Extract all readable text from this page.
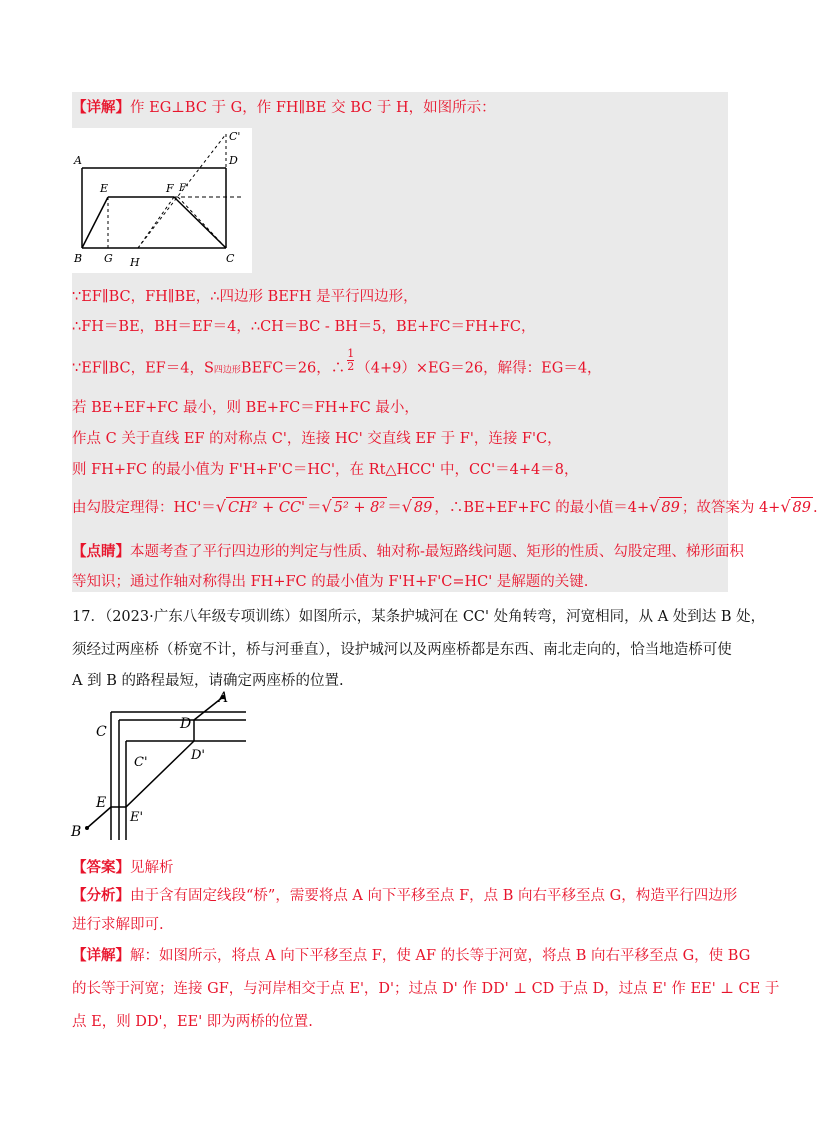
【详解】作 EG⊥BC 于 G，作 FH∥BE 交 BC 于 H，如图所示：
A
B	C
D
E	F F'
C'
G H
∵EF∥BC，FH∥BE，∴四边形 BEFH 是平行四边形，
∴FH＝BE，BH＝EF＝4，∴CH＝BC - BH＝5，BE+FC＝FH+FC，
∵EF∥BC，EF＝4，S四边形BEFC＝26，∴ $\frac{1}{2} (4+9)\times EG=26$，解得：EG＝4，
若 BE+EF+FC 最小，则 BE+FC＝FH+FC 最小，
作点 C 关于直线 EF 的对称点 C'，连接 HC' 交直线 EF 于 F'，连接 F'C，
则 FH+FC 的最小值为 F'H+F'C＝HC'，在 Rt△HCC' 中，CC'＝4+4＝8，
由勾股定理得：HC'＝√ CH² + CC' ＝√ 5² + 8² ＝√ 89 ，∴BE+EF+FC 的最小值＝4+√ 89 ；故答案为 4+√ 89 .
【点睛】本题考查了平行四边形的判定与性质、轴对称-最短路线问题、矩形的性质、勾股定理、梯形面积
等知识；通过作轴对称得出 FH+FC 的最小值为 F'H+F'C=HC' 是解题的关键.
17．（2023·广东八年级专项训练）如图所示，某条护城河在 CC' 处角转弯，河宽相同，从 A 处到达 B 处，
须经过两座桥（桥宽不计，桥与河垂直），设护城河以及两座桥都是东西、南北走向的，恰当地造桥可使
A 到 B 的路程最短，请确定两座桥的位置.
A
B
C
C'
D
D'
E
E'
【答案】见解析
【分析】由于含有固定线段“桥”，需要将点 A 向下平移至点 F，点 B 向右平移至点 G，构造平行四边形
进行求解即可.
【详解】解：如图所示，将点 A 向下平移至点 F，使 AF 的长等于河宽，将点 B 向右平移至点 G，使 BG
的长等于河宽；连接 GF，与河岸相交于点 E'，D'；过点 D' 作 DD' ⊥ CD 于点 D，过点 E' 作 EE' ⊥ CE 于
点 E，则 DD'，EE' 即为两桥的位置.
